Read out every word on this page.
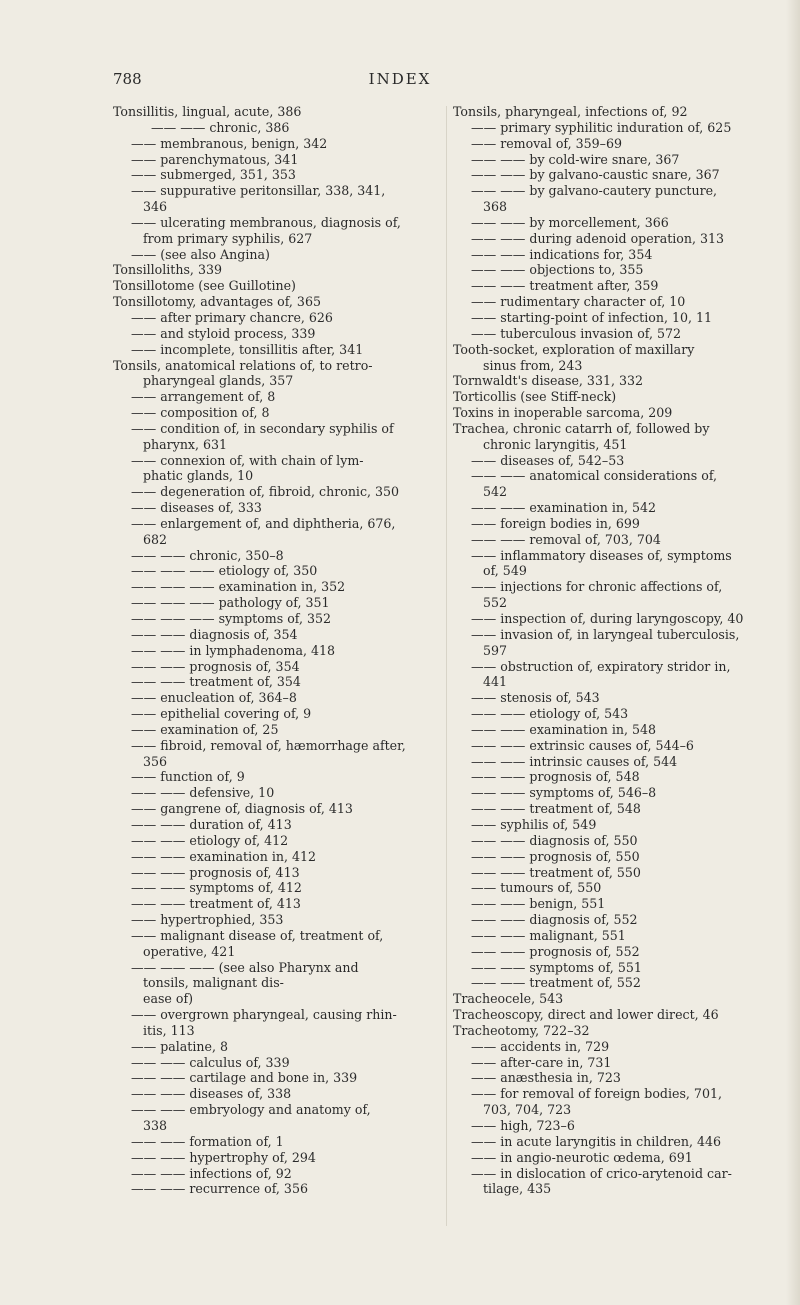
788	INDEX
Tonsillitis, lingual, acute, 386
—— —— chronic, 386
—— membranous, benign, 342
—— parenchymatous, 341
—— submerged, 351, 353
—— suppurative peritonsillar, 338, 341,
346
—— ulcerating membranous, diagnosis of,
from primary syphilis, 627
—— (see also Angina)
Tonsilloliths, 339
Tonsillotome (see Guillotine)
Tonsillotomy, advantages of, 365
—— after primary chancre, 626
—— and styloid process, 339
—— incomplete, tonsillitis after, 341
Tonsils, anatomical relations of, to retro-
pharyngeal glands, 357
—— arrangement of, 8
—— composition of, 8
—— condition of, in secondary syphilis of
pharynx, 631
—— connexion of, with chain of lym-
phatic glands, 10
—— degeneration of, fibroid, chronic, 350
—— diseases of, 333
—— enlargement of, and diphtheria, 676,
682
—— —— chronic, 350–8
—— —— —— etiology of, 350
—— —— —— examination in, 352
—— —— —— pathology of, 351
—— —— —— symptoms of, 352
—— —— diagnosis of, 354
—— —— in lymphadenoma, 418
—— —— prognosis of, 354
—— —— treatment of, 354
—— enucleation of, 364–8
—— epithelial covering of, 9
—— examination of, 25
—— fibroid, removal of, hæmorrhage after,
356
—— function of, 9
—— —— defensive, 10
—— gangrene of, diagnosis of, 413
—— —— duration of, 413
—— —— etiology of, 412
—— —— examination in, 412
—— —— prognosis of, 413
—— —— symptoms of, 412
—— —— treatment of, 413
—— hypertrophied, 353
—— malignant disease of, treatment of,
operative, 421
—— —— —— (see also Pharynx and
tonsils, malignant dis-
ease of)
—— overgrown pharyngeal, causing rhin-
itis, 113
—— palatine, 8
—— —— calculus of, 339
—— —— cartilage and bone in, 339
—— —— diseases of, 338
—— —— embryology and anatomy of,
338
—— —— formation of, 1
—— —— hypertrophy of, 294
—— —— infections of, 92
—— —— recurrence of, 356
Tonsils, pharyngeal, infections of, 92
—— primary syphilitic induration of, 625
—— removal of, 359–69
—— —— by cold-wire snare, 367
—— —— by galvano-caustic snare, 367
—— —— by galvano-cautery puncture,
368
—— —— by morcellement, 366
—— —— during adenoid operation, 313
—— —— indications for, 354
—— —— objections to, 355
—— —— treatment after, 359
—— rudimentary character of, 10
—— starting-point of infection, 10, 11
—— tuberculous invasion of, 572
Tooth-socket, exploration of maxillary
sinus from, 243
Tornwaldt's disease, 331, 332
Torticollis (see Stiff-neck)
Toxins in inoperable sarcoma, 209
Trachea, chronic catarrh of, followed by
chronic laryngitis, 451
—— diseases of, 542–53
—— —— anatomical considerations of,
542
—— —— examination in, 542
—— foreign bodies in, 699
—— —— removal of, 703, 704
—— inflammatory diseases of, symptoms
of, 549
—— injections for chronic affections of,
552
—— inspection of, during laryngoscopy, 40
—— invasion of, in laryngeal tuberculosis,
597
—— obstruction of, expiratory stridor in,
441
—— stenosis of, 543
—— —— etiology of, 543
—— —— examination in, 548
—— —— extrinsic causes of, 544–6
—— —— intrinsic causes of, 544
—— —— prognosis of, 548
—— —— symptoms of, 546–8
—— —— treatment of, 548
—— syphilis of, 549
—— —— diagnosis of, 550
—— —— prognosis of, 550
—— —— treatment of, 550
—— tumours of, 550
—— —— benign, 551
—— —— diagnosis of, 552
—— —— malignant, 551
—— —— prognosis of, 552
—— —— symptoms of, 551
—— —— treatment of, 552
Tracheocele, 543
Tracheoscopy, direct and lower direct, 46
Tracheotomy, 722–32
—— accidents in, 729
—— after-care in, 731
—— anæsthesia in, 723
—— for removal of foreign bodies, 701,
703, 704, 723
—— high, 723–6
—— in acute laryngitis in children, 446
—— in angio-neurotic œdema, 691
—— in dislocation of crico-arytenoid car-
tilage, 435
